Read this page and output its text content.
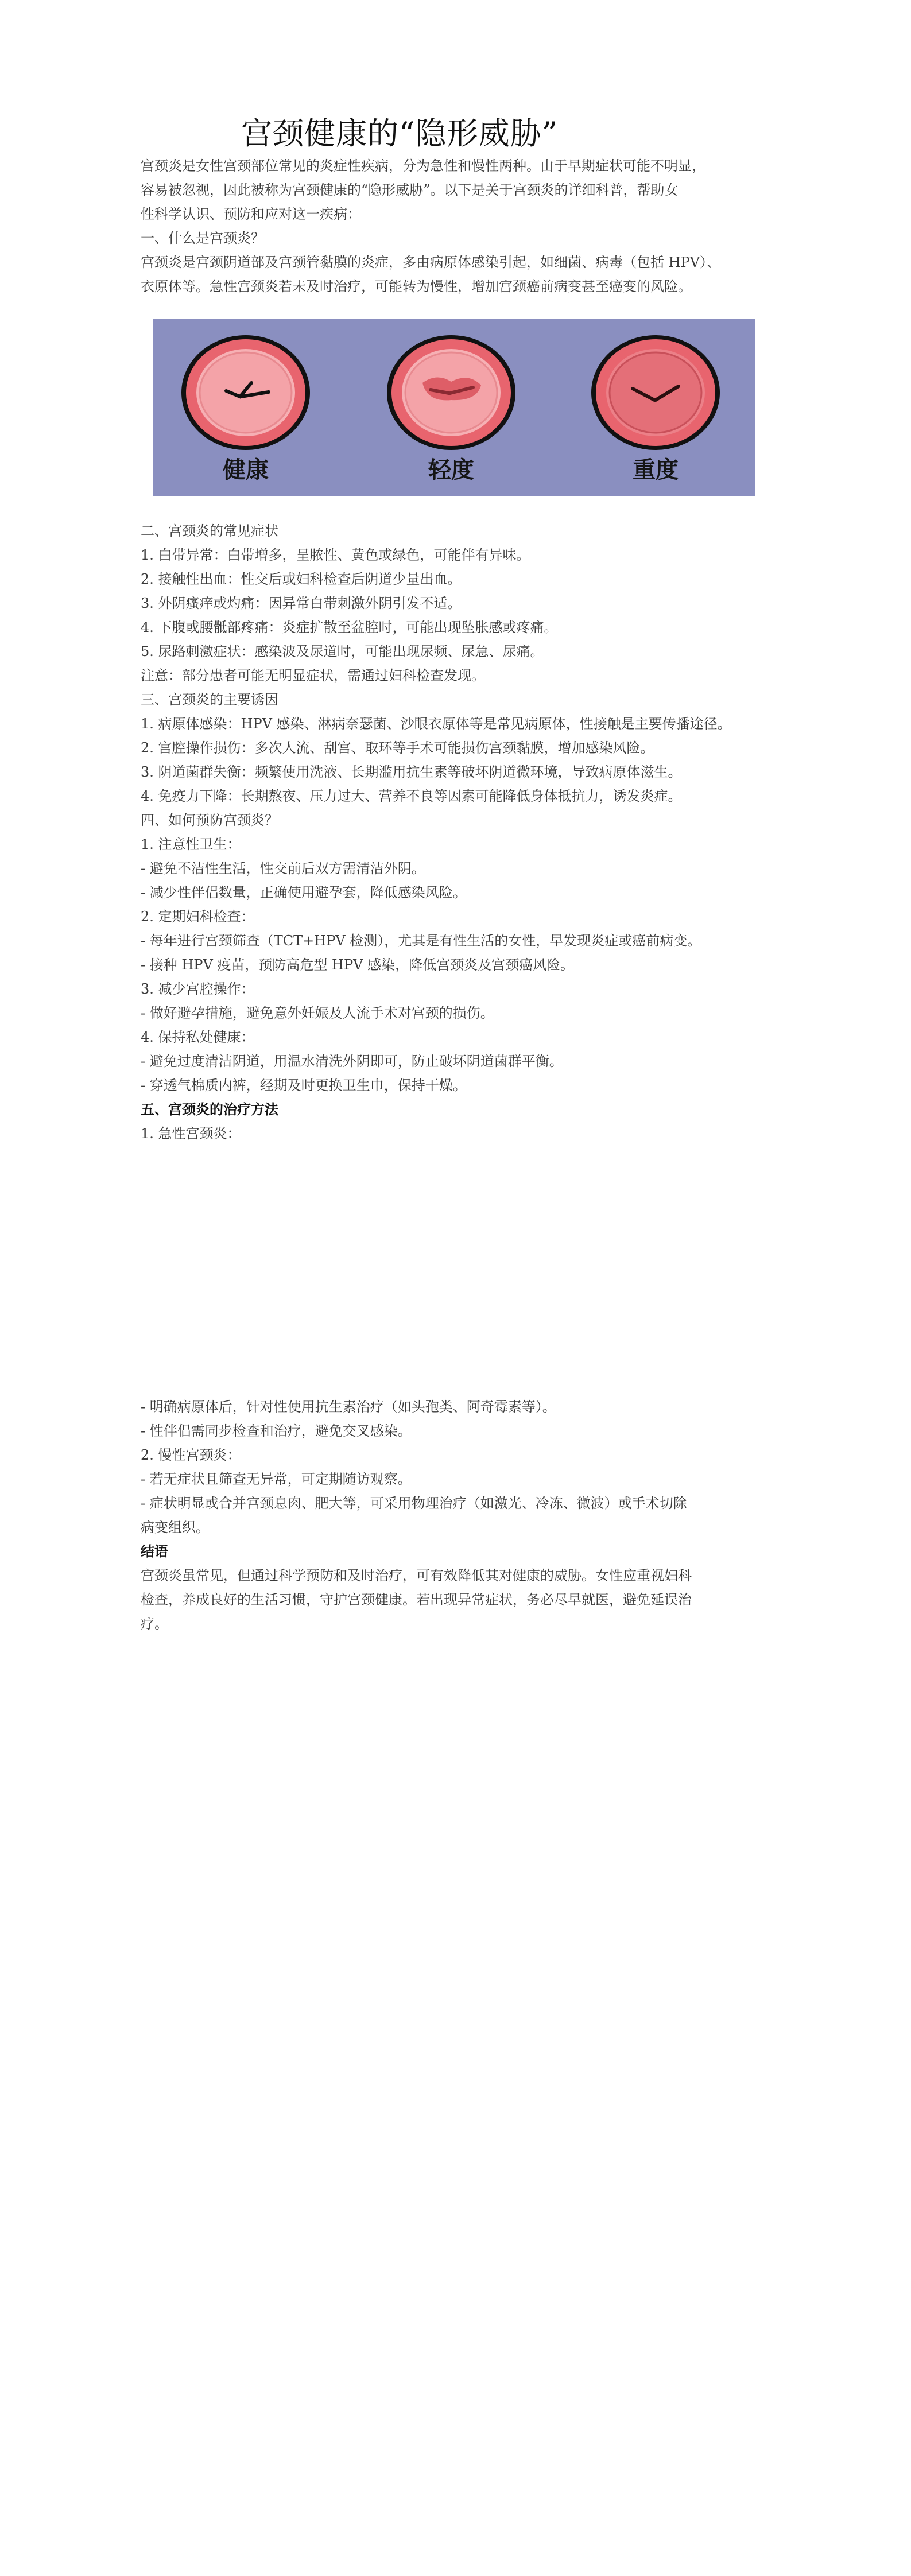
宫颈健康的“隐形威胁”
宫颈炎是女性宫颈部位常见的炎症性疾病，分为急性和慢性两种。由于早期症状可能不明显，
容易被忽视，因此被称为宫颈健康的“隐形威胁”。以下是关于宫颈炎的详细科普，帮助女
性科学认识、预防和应对这一疾病：
一、什么是宫颈炎？
宫颈炎是宫颈阴道部及宫颈管黏膜的炎症，多由病原体感染引起，如细菌、病毒（包括 HPV）、
衣原体等。急性宫颈炎若未及时治疗，可能转为慢性，增加宫颈癌前病变甚至癌变的风险。
健康	轻度	重度
二、宫颈炎的常见症状
1. 白带异常：白带增多，呈脓性、黄色或绿色，可能伴有异味。
2. 接触性出血：性交后或妇科检查后阴道少量出血。
3. 外阴瘙痒或灼痛：因异常白带刺激外阴引发不适。
4. 下腹或腰骶部疼痛：炎症扩散至盆腔时，可能出现坠胀感或疼痛。
5. 尿路刺激症状：感染波及尿道时，可能出现尿频、尿急、尿痛。
注意：部分患者可能无明显症状，需通过妇科检查发现。
三、宫颈炎的主要诱因
1. 病原体感染：HPV 感染、淋病奈瑟菌、沙眼衣原体等是常见病原体，性接触是主要传播途径。
2. 宫腔操作损伤：多次人流、刮宫、取环等手术可能损伤宫颈黏膜，增加感染风险。
3. 阴道菌群失衡：频繁使用洗液、长期滥用抗生素等破坏阴道微环境，导致病原体滋生。
4. 免疫力下降：长期熬夜、压力过大、营养不良等因素可能降低身体抵抗力，诱发炎症。
四、如何预防宫颈炎？
1. 注意性卫生：
- 避免不洁性生活，性交前后双方需清洁外阴。
- 减少性伴侣数量，正确使用避孕套，降低感染风险。
2. 定期妇科检查：
- 每年进行宫颈筛查（TCT+HPV 检测），尤其是有性生活的女性，早发现炎症或癌前病变。
- 接种 HPV 疫苗，预防高危型 HPV 感染，降低宫颈炎及宫颈癌风险。
3. 减少宫腔操作：
- 做好避孕措施，避免意外妊娠及人流手术对宫颈的损伤。
4. 保持私处健康：
- 避免过度清洁阴道，用温水清洗外阴即可，防止破坏阴道菌群平衡。
- 穿透气棉质内裤，经期及时更换卫生巾，保持干燥。
五、宫颈炎的治疗方法
1. 急性宫颈炎：
- 明确病原体后，针对性使用抗生素治疗（如头孢类、阿奇霉素等）。
- 性伴侣需同步检查和治疗，避免交叉感染。
2. 慢性宫颈炎：
- 若无症状且筛查无异常，可定期随访观察。
- 症状明显或合并宫颈息肉、肥大等，可采用物理治疗（如激光、冷冻、微波）或手术切除
病变组织。
结语
宫颈炎虽常见，但通过科学预防和及时治疗，可有效降低其对健康的威胁。女性应重视妇科
检查，养成良好的生活习惯，守护宫颈健康。若出现异常症状，务必尽早就医，避免延误治
疗。
